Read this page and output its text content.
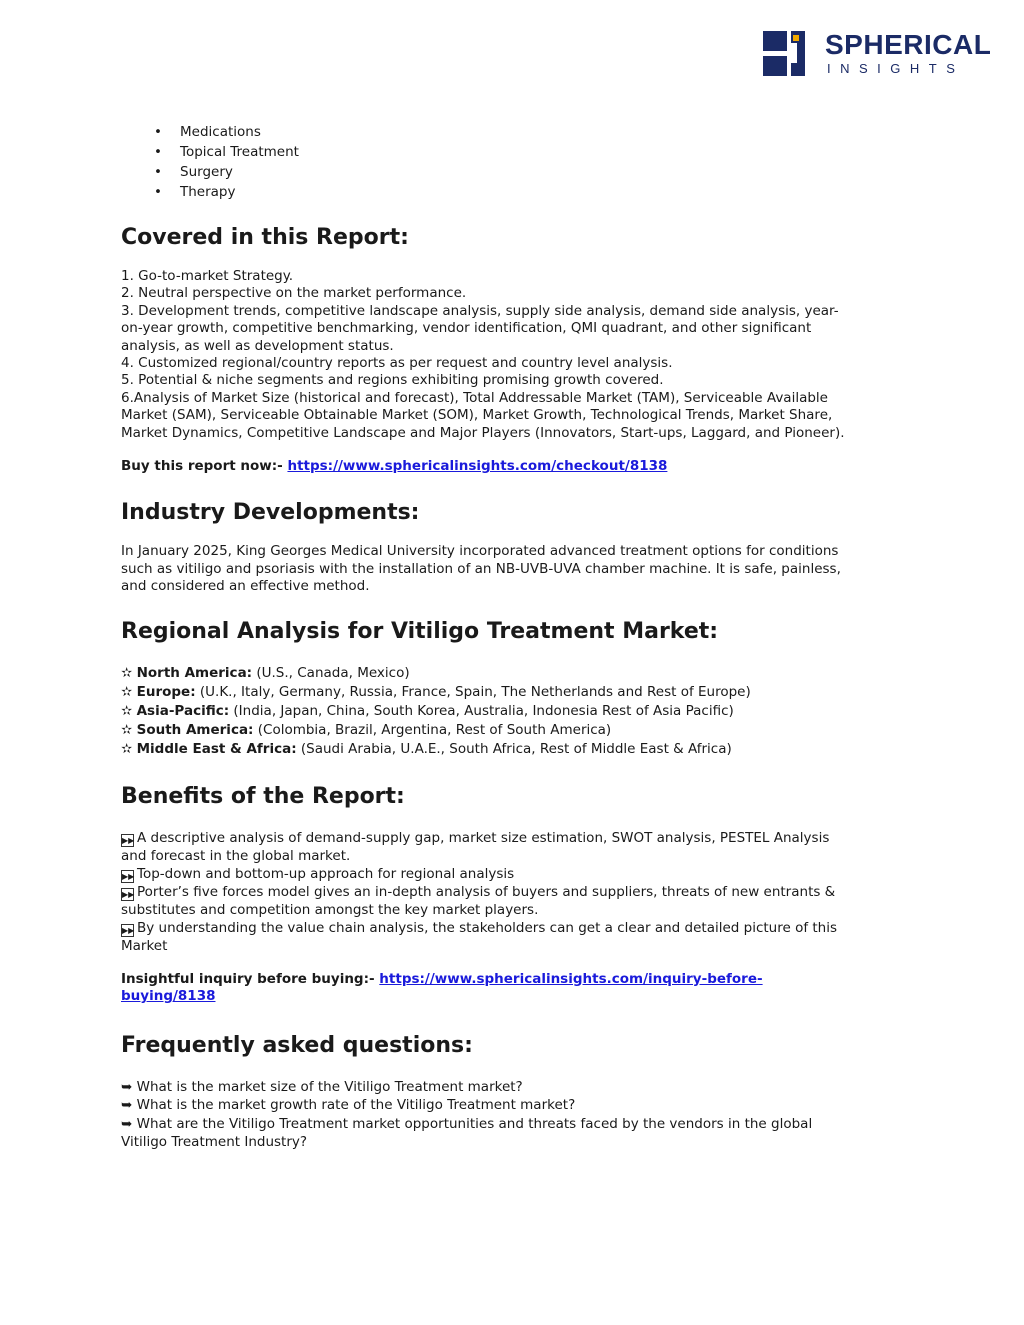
SPHERICAL
INSIGHTS
• Medications
• Topical Treatment
• Surgery
• Therapy
Covered in this Report:
1. Go-to-market Strategy.
2. Neutral perspective on the market performance.
3. Development trends, competitive landscape analysis, supply side analysis, demand side analysis, year-
on-year growth, competitive benchmarking, vendor identification, QMI quadrant, and other significant
analysis, as well as development status.
4. Customized regional/country reports as per request and country level analysis.
5. Potential & niche segments and regions exhibiting promising growth covered.
6.Analysis of Market Size (historical and forecast), Total Addressable Market (TAM), Serviceable Available
Market (SAM), Serviceable Obtainable Market (SOM), Market Growth, Technological Trends, Market Share,
Market Dynamics, Competitive Landscape and Major Players (Innovators, Start-ups, Laggard, and Pioneer).
Buy this report now:- https://www.sphericalinsights.com/checkout/8138
Industry Developments:
In January 2025, King Georges Medical University incorporated advanced treatment options for conditions
such as vitiligo and psoriasis with the installation of an NB-UVB-UVA chamber machine. It is safe, painless,
and considered an effective method.
Regional Analysis for Vitiligo Treatment Market:
✫ North America: (U.S., Canada, Mexico)
✫ Europe: (U.K., Italy, Germany, Russia, France, Spain, The Netherlands and Rest of Europe)
✫ Asia-Pacific: (India, Japan, China, South Korea, Australia, Indonesia Rest of Asia Pacific)
✫ South America: (Colombia, Brazil, Argentina, Rest of South America)
✫ Middle East & Africa: (Saudi Arabia, U.A.E., South Africa, Rest of Middle East & Africa)
Benefits of the Report:
▶▶ A descriptive analysis of demand-supply gap, market size estimation, SWOT analysis, PESTEL Analysis
and forecast in the global market.
▶▶ Top-down and bottom-up approach for regional analysis
▶▶ Porter’s five forces model gives an in-depth analysis of buyers and suppliers, threats of new entrants &
substitutes and competition amongst the key market players.
▶▶ By understanding the value chain analysis, the stakeholders can get a clear and detailed picture of this
Market
Insightful inquiry before buying:- https://www.sphericalinsights.com/inquiry-before-
buying/8138
Frequently asked questions:
➥ What is the market size of the Vitiligo Treatment market?
➥ What is the market growth rate of the Vitiligo Treatment market?
➥ What are the Vitiligo Treatment market opportunities and threats faced by the vendors in the global
Vitiligo Treatment Industry?
